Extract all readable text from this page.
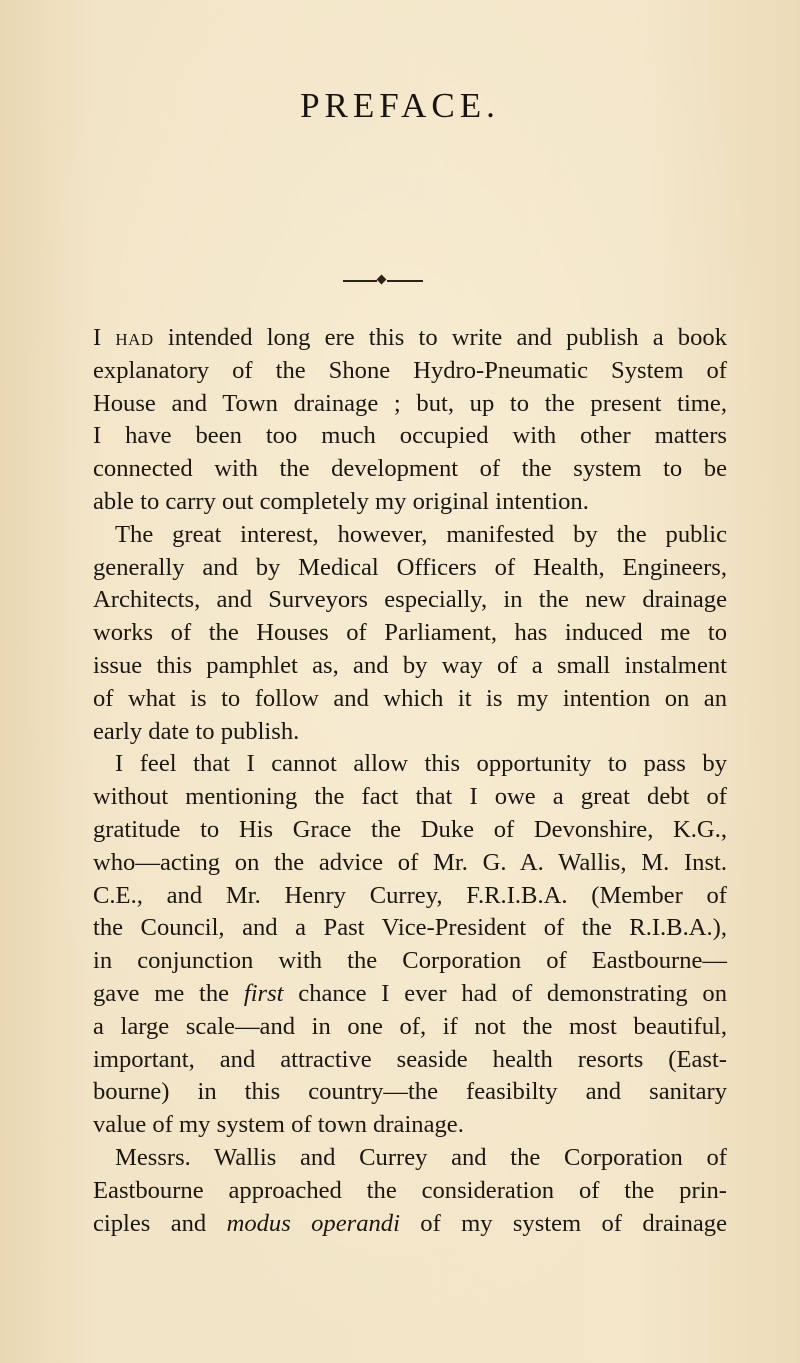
PREFACE.
I had intended long ere this to write and publish a book
explanatory of the Shone Hydro-Pneumatic System of
House and Town drainage ; but, up to the present time,
I have been too much occupied with other matters
connected with the development of the system to be
able to carry out completely my original intention.
The great interest, however, manifested by the public
generally and by Medical Officers of Health, Engineers,
Architects, and Surveyors especially, in the new drainage
works of the Houses of Parliament, has induced me to
issue this pamphlet as, and by way of a small instalment
of what is to follow and which it is my intention on an
early date to publish.
I feel that I cannot allow this opportunity to pass by
without mentioning the fact that I owe a great debt of
gratitude to His Grace the Duke of Devonshire, K.G.,
who—acting on the advice of Mr. G. A. Wallis, M. Inst.
C.E., and Mr. Henry Currey, F.R.I.B.A. (Member of
the Council, and a Past Vice-President of the R.I.B.A.),
in conjunction with the Corporation of Eastbourne—
gave me the first chance I ever had of demonstrating on
a large scale—and in one of, if not the most beautiful,
important, and attractive seaside health resorts (East-
bourne) in this country—the feasibilty and sanitary
value of my system of town drainage.
Messrs. Wallis and Currey and the Corporation of
Eastbourne approached the consideration of the prin-
ciples and modus operandi of my system of drainage
